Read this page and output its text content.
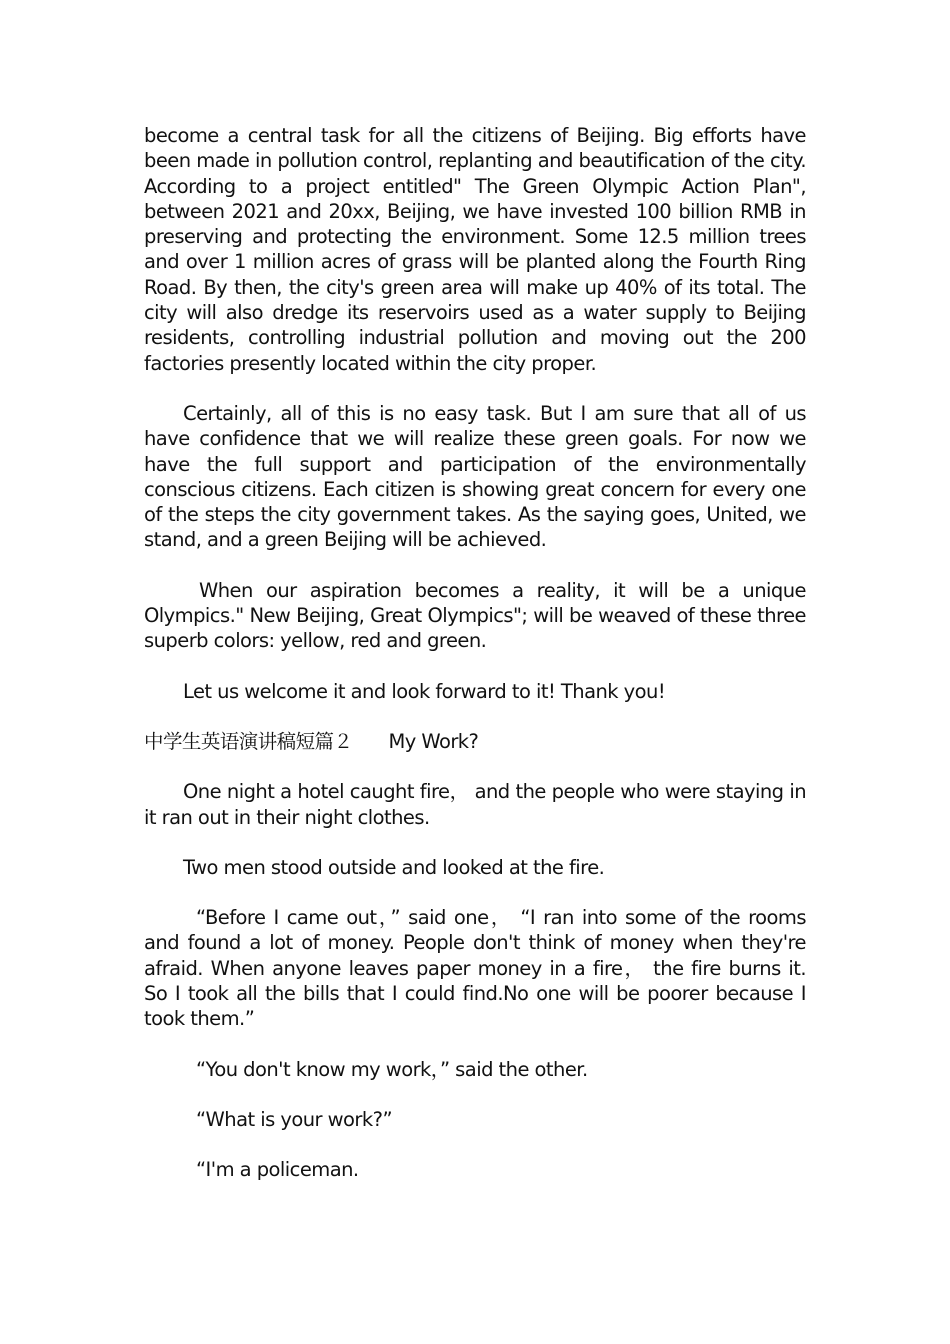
become a central task for all the citizens of Beijing. Big efforts have been made in pollution control, replanting and beautification of the city. According to a project entitled" The Green Olympic Action Plan", between 2021 and 20xx, Beijing, we have invested 100 billion RMB in preserving and protecting the environment. Some 12.5 million trees and over 1 million acres of grass will be planted along the Fourth Ring Road. By then, the city's green area will make up 40% of its total. The city will also dredge its reservoirs used as a water supply to Beijing residents, controlling industrial pollution and moving out the 200 factories presently located within the city proper.

Certainly, all of this is no easy task. But I am sure that all of us have confidence that we will realize these green goals. For now we have the full support and participation of the environmentally conscious citizens. Each citizen is showing great concern for every one of the steps the city government takes. As the saying goes, United, we stand, and a green Beijing will be achieved.

When our aspiration becomes a reality, it will be a unique Olympics." New Beijing, Great Olympics"; will be weaved of these three superb colors: yellow, red and green.

Let us welcome it and look forward to it! Thank you!

中学生英语演讲稿短篇２ My Work?

One night a hotel caught fire， and the people who were staying in it ran out in their night clothes.

Two men stood outside and looked at the fire.

“Before I came out，” said one， “I ran into some of the rooms and found a lot of money. People don't think of money when they're afraid. When anyone leaves paper money in a fire， the fire burns it. So I took all the bills that I could find.No one will be poorer because I took them.”

“You don't know my work，” said the other.

“What is your work?”

“I'm a policeman.
